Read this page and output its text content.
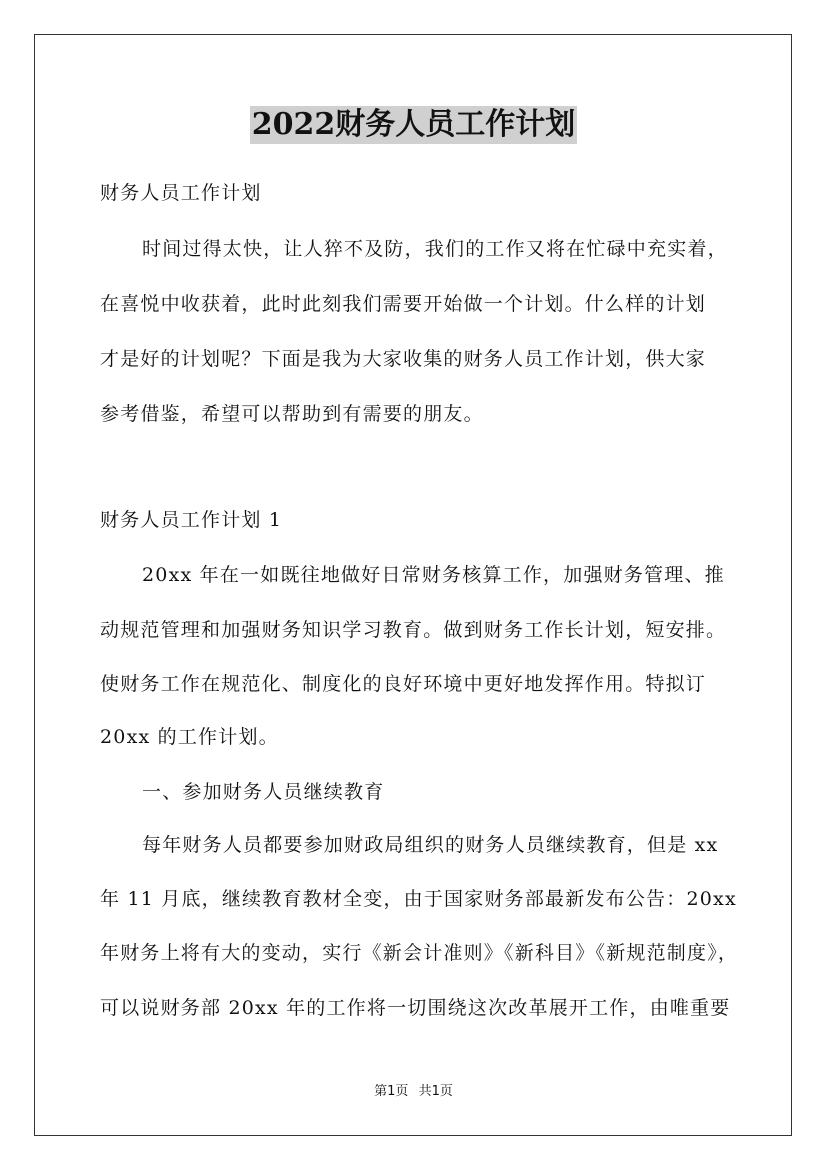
2022财务人员工作计划

财务人员工作计划

时间过得太快，让人猝不及防，我们的工作又将在忙碌中充实着，

在喜悦中收获着，此时此刻我们需要开始做一个计划。什么样的计划

才是好的计划呢？下面是我为大家收集的财务人员工作计划，供大家

参考借鉴，希望可以帮助到有需要的朋友。

财务人员工作计划 1

20xx 年在一如既往地做好日常财务核算工作，加强财务管理、推

动规范管理和加强财务知识学习教育。做到财务工作长计划，短安排。

使财务工作在规范化、制度化的良好环境中更好地发挥作用。特拟订

20xx 的工作计划。

一、参加财务人员继续教育

每年财务人员都要参加财政局组织的财务人员继续教育，但是 xx

年 11 月底，继续教育教材全变，由于国家财务部最新发布公告：20xx

年财务上将有大的变动，实行《新会计准则》《新科目》《新规范制度》，

可以说财务部 20xx 年的工作将一切围绕这次改革展开工作，由唯重要

第1页 共1页
